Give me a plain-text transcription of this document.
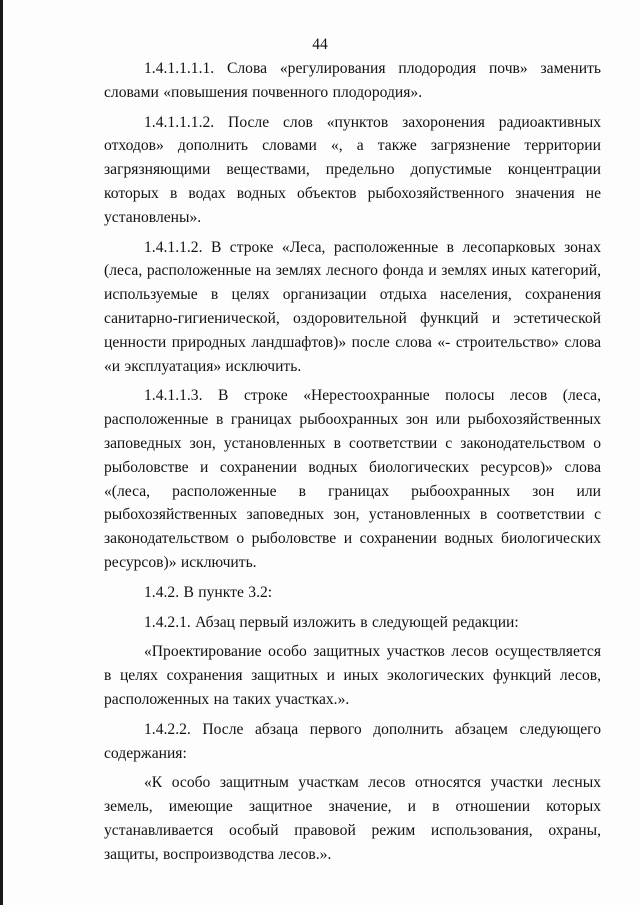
44

1.4.1.1.1.1. Слова «регулирования плодородия почв» заменить словами «повышения почвенного плодородия».

1.4.1.1.1.2. После слов «пунктов захоронения радиоактивных отходов» дополнить словами «, а также загрязнение территории загрязняющими веществами, предельно допустимые концентрации которых в водах водных объектов рыбохозяйственного значения не установлены».

1.4.1.1.2. В строке «Леса, расположенные в лесопарковых зонах (леса, расположенные на землях лесного фонда и землях иных категорий, используемые в целях организации отдыха населения, сохранения санитарно-гигиенической, оздоровительной функций и эстетической ценности природных ландшафтов)» после слова «- строительство» слова «и эксплуатация» исключить.

1.4.1.1.3. В строке «Нерестоохранные полосы лесов (леса, расположенные в границах рыбоохранных зон или рыбохозяйственных заповедных зон, установленных в соответствии с законодательством о рыболовстве и сохранении водных биологических ресурсов)» слова «(леса, расположенные в границах рыбоохранных зон или рыбохозяйственных заповедных зон, установленных в соответствии с законодательством о рыболовстве и сохранении водных биологических ресурсов)» исключить.

1.4.2. В пункте 3.2:

1.4.2.1. Абзац первый изложить в следующей редакции:

«Проектирование особо защитных участков лесов осуществляется в целях сохранения защитных и иных экологических функций лесов, расположенных на таких участках.».

1.4.2.2. После абзаца первого дополнить абзацем следующего содержания:

«К особо защитным участкам лесов относятся участки лесных земель, имеющие защитное значение, и в отношении которых устанавливается особый правовой режим использования, охраны, защиты, воспроизводства лесов.».
